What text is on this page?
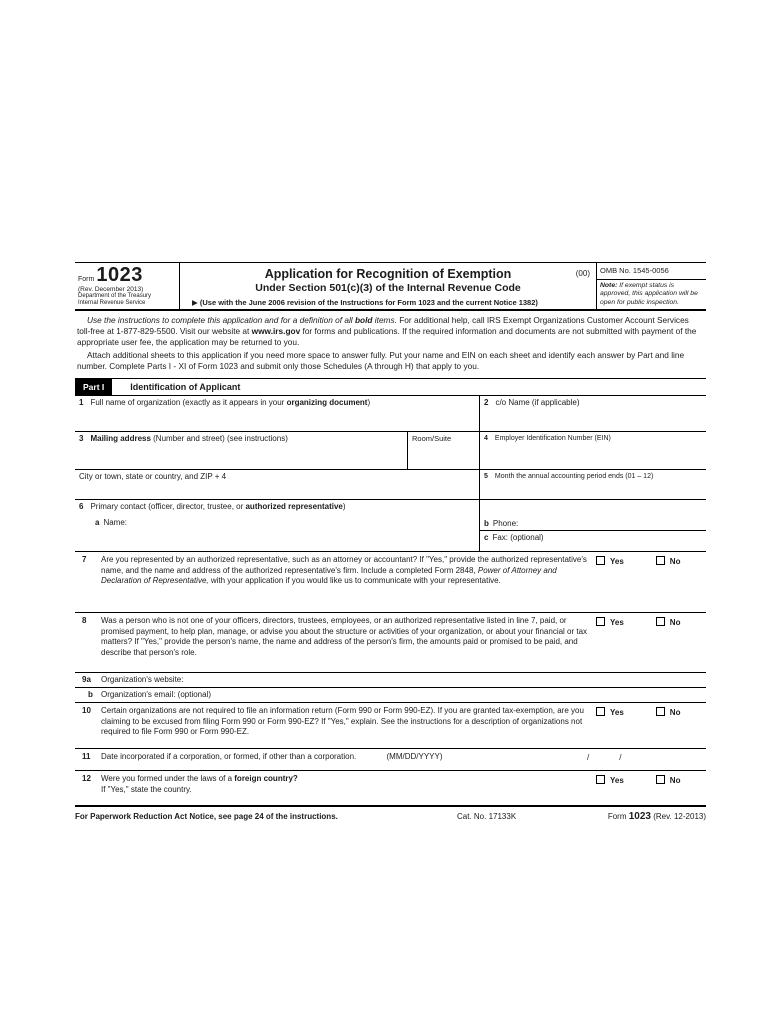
Form 1023
(Rev. December 2013)
Department of the Treasury
Internal Revenue Service
Application for Recognition of Exemption	(00)
Under Section 501(c)(3) of the Internal Revenue Code
▶ (Use with the June 2006 revision of the Instructions for Form 1023 and the current Notice 1382)
OMB No. 1545-0056
Note: If exempt status is approved, this application will be open for public inspection.

Use the instructions to complete this application and for a definition of all bold items. For additional help, call IRS Exempt Organizations Customer Account Services toll-free at 1-877-829-5500. Visit our website at www.irs.gov for forms and publications. If the required information and documents are not submitted with payment of the appropriate user fee, the application may be returned to you.

Attach additional sheets to this application if you need more space to answer fully. Put your name and EIN on each sheet and identify each answer by Part and line number. Complete Parts I - XI of Form 1023 and submit only those Schedules (A through H) that apply to you.

Part I	Identification of Applicant
1 Full name of organization (exactly as it appears in your organizing document)	2 c/o Name (if applicable)
3 Mailing address (Number and street) (see instructions)	Room/Suite	4 Employer Identification Number (EIN)
City or town, state or country, and ZIP + 4	5 Month the annual accounting period ends (01 – 12)
6 Primary contact (officer, director, trustee, or authorized representative)
a Name:	b Phone:
c Fax: (optional)
7 Are you represented by an authorized representative, such as an attorney or accountant? If "Yes," provide the authorized representative's name, and the name and address of the authorized representative's firm. Include a completed Form 2848, Power of Attorney and Declaration of Representative, with your application if you would like us to communicate with your representative.
Yes	No
8 Was a person who is not one of your officers, directors, trustees, employees, or an authorized representative listed in line 7, paid, or promised payment, to help plan, manage, or advise you about the structure or activities of your organization, or about your financial or tax matters? If "Yes," provide the person's name, the name and address of the person's firm, the amounts paid or promised to be paid, and describe that person's role.
Yes	No
9a Organization's website:
b Organization's email: (optional)
10 Certain organizations are not required to file an information return (Form 990 or Form 990-EZ). If you are granted tax-exemption, are you claiming to be excused from filing Form 990 or Form 990-EZ? If "Yes," explain. See the instructions for a description of organizations not required to file Form 990 or Form 990-EZ.
Yes	No
11 Date incorporated if a corporation, or formed, if other than a corporation.	(MM/DD/YYYY)	/	/
12 Were you formed under the laws of a foreign country?
If "Yes," state the country.
Yes	No
For Paperwork Reduction Act Notice, see page 24 of the instructions.	Cat. No. 17133K	Form 1023 (Rev. 12-2013)
